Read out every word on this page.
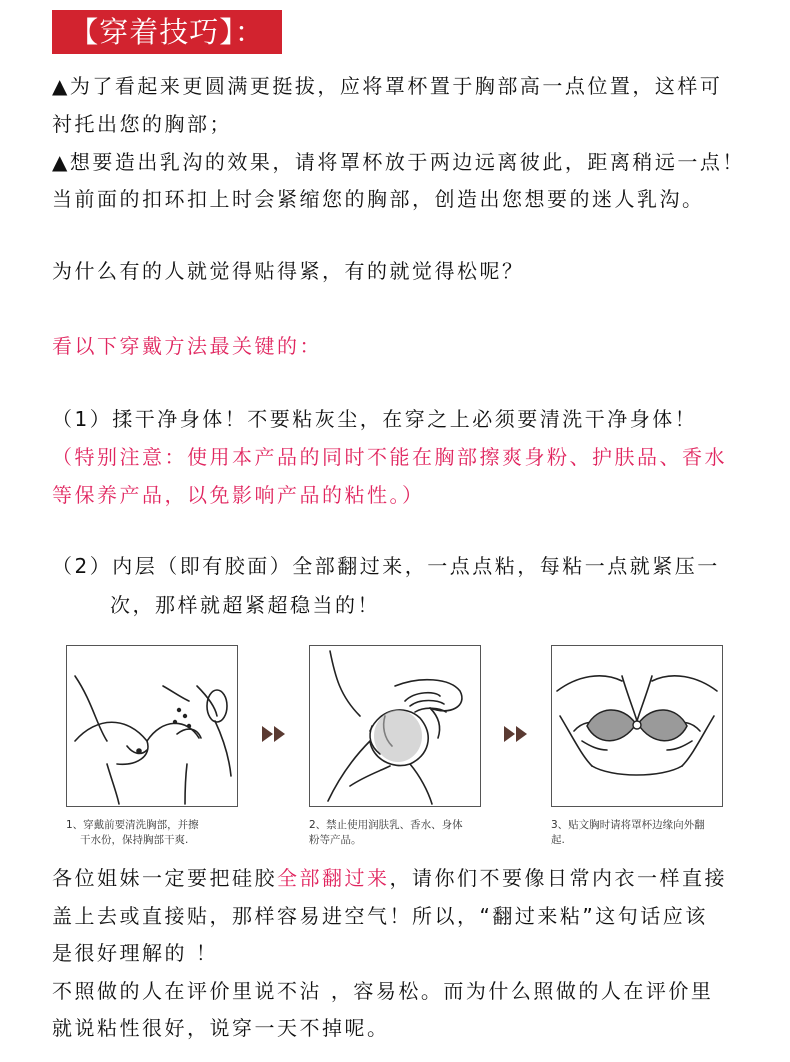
【穿着技巧】：
▲为了看起来更圆满更挺拔，应将罩杯置于胸部高一点位置，这样可
衬托出您的胸部；
▲想要造出乳沟的效果，请将罩杯放于两边远离彼此，距离稍远一点！
当前面的扣环扣上时会紧缩您的胸部，创造出您想要的迷人乳沟。
为什么有的人就觉得贴得紧，有的就觉得松呢？
看以下穿戴方法最关键的：
（1）揉干净身体！不要粘灰尘，在穿之上必须要清洗干净身体！
（特别注意：使用本产品的同时不能在胸部擦爽身粉、护肤品、香水
等保养产品，以免影响产品的粘性。）
（2）内层（即有胶面）全部翻过来，一点点粘，每粘一点就紧压一
次，那样就超紧超稳当的！
1、穿戴前要清洗胸部，并擦
干水份，保持胸部干爽.
2、禁止使用润肤乳、香水、身体
粉等产品。
3、贴文胸时请将罩杯边缘向外翻
起.
各位姐妹一定要把硅胶全部翻过来，请你们不要像日常内衣一样直接
盖上去或直接贴，那样容易进空气！所以，“翻过来粘”这句话应该
是很好理解的 ！
不照做的人在评价里说不沾 ，容易松。而为什么照做的人在评价里
就说粘性很好，说穿一天不掉呢。
